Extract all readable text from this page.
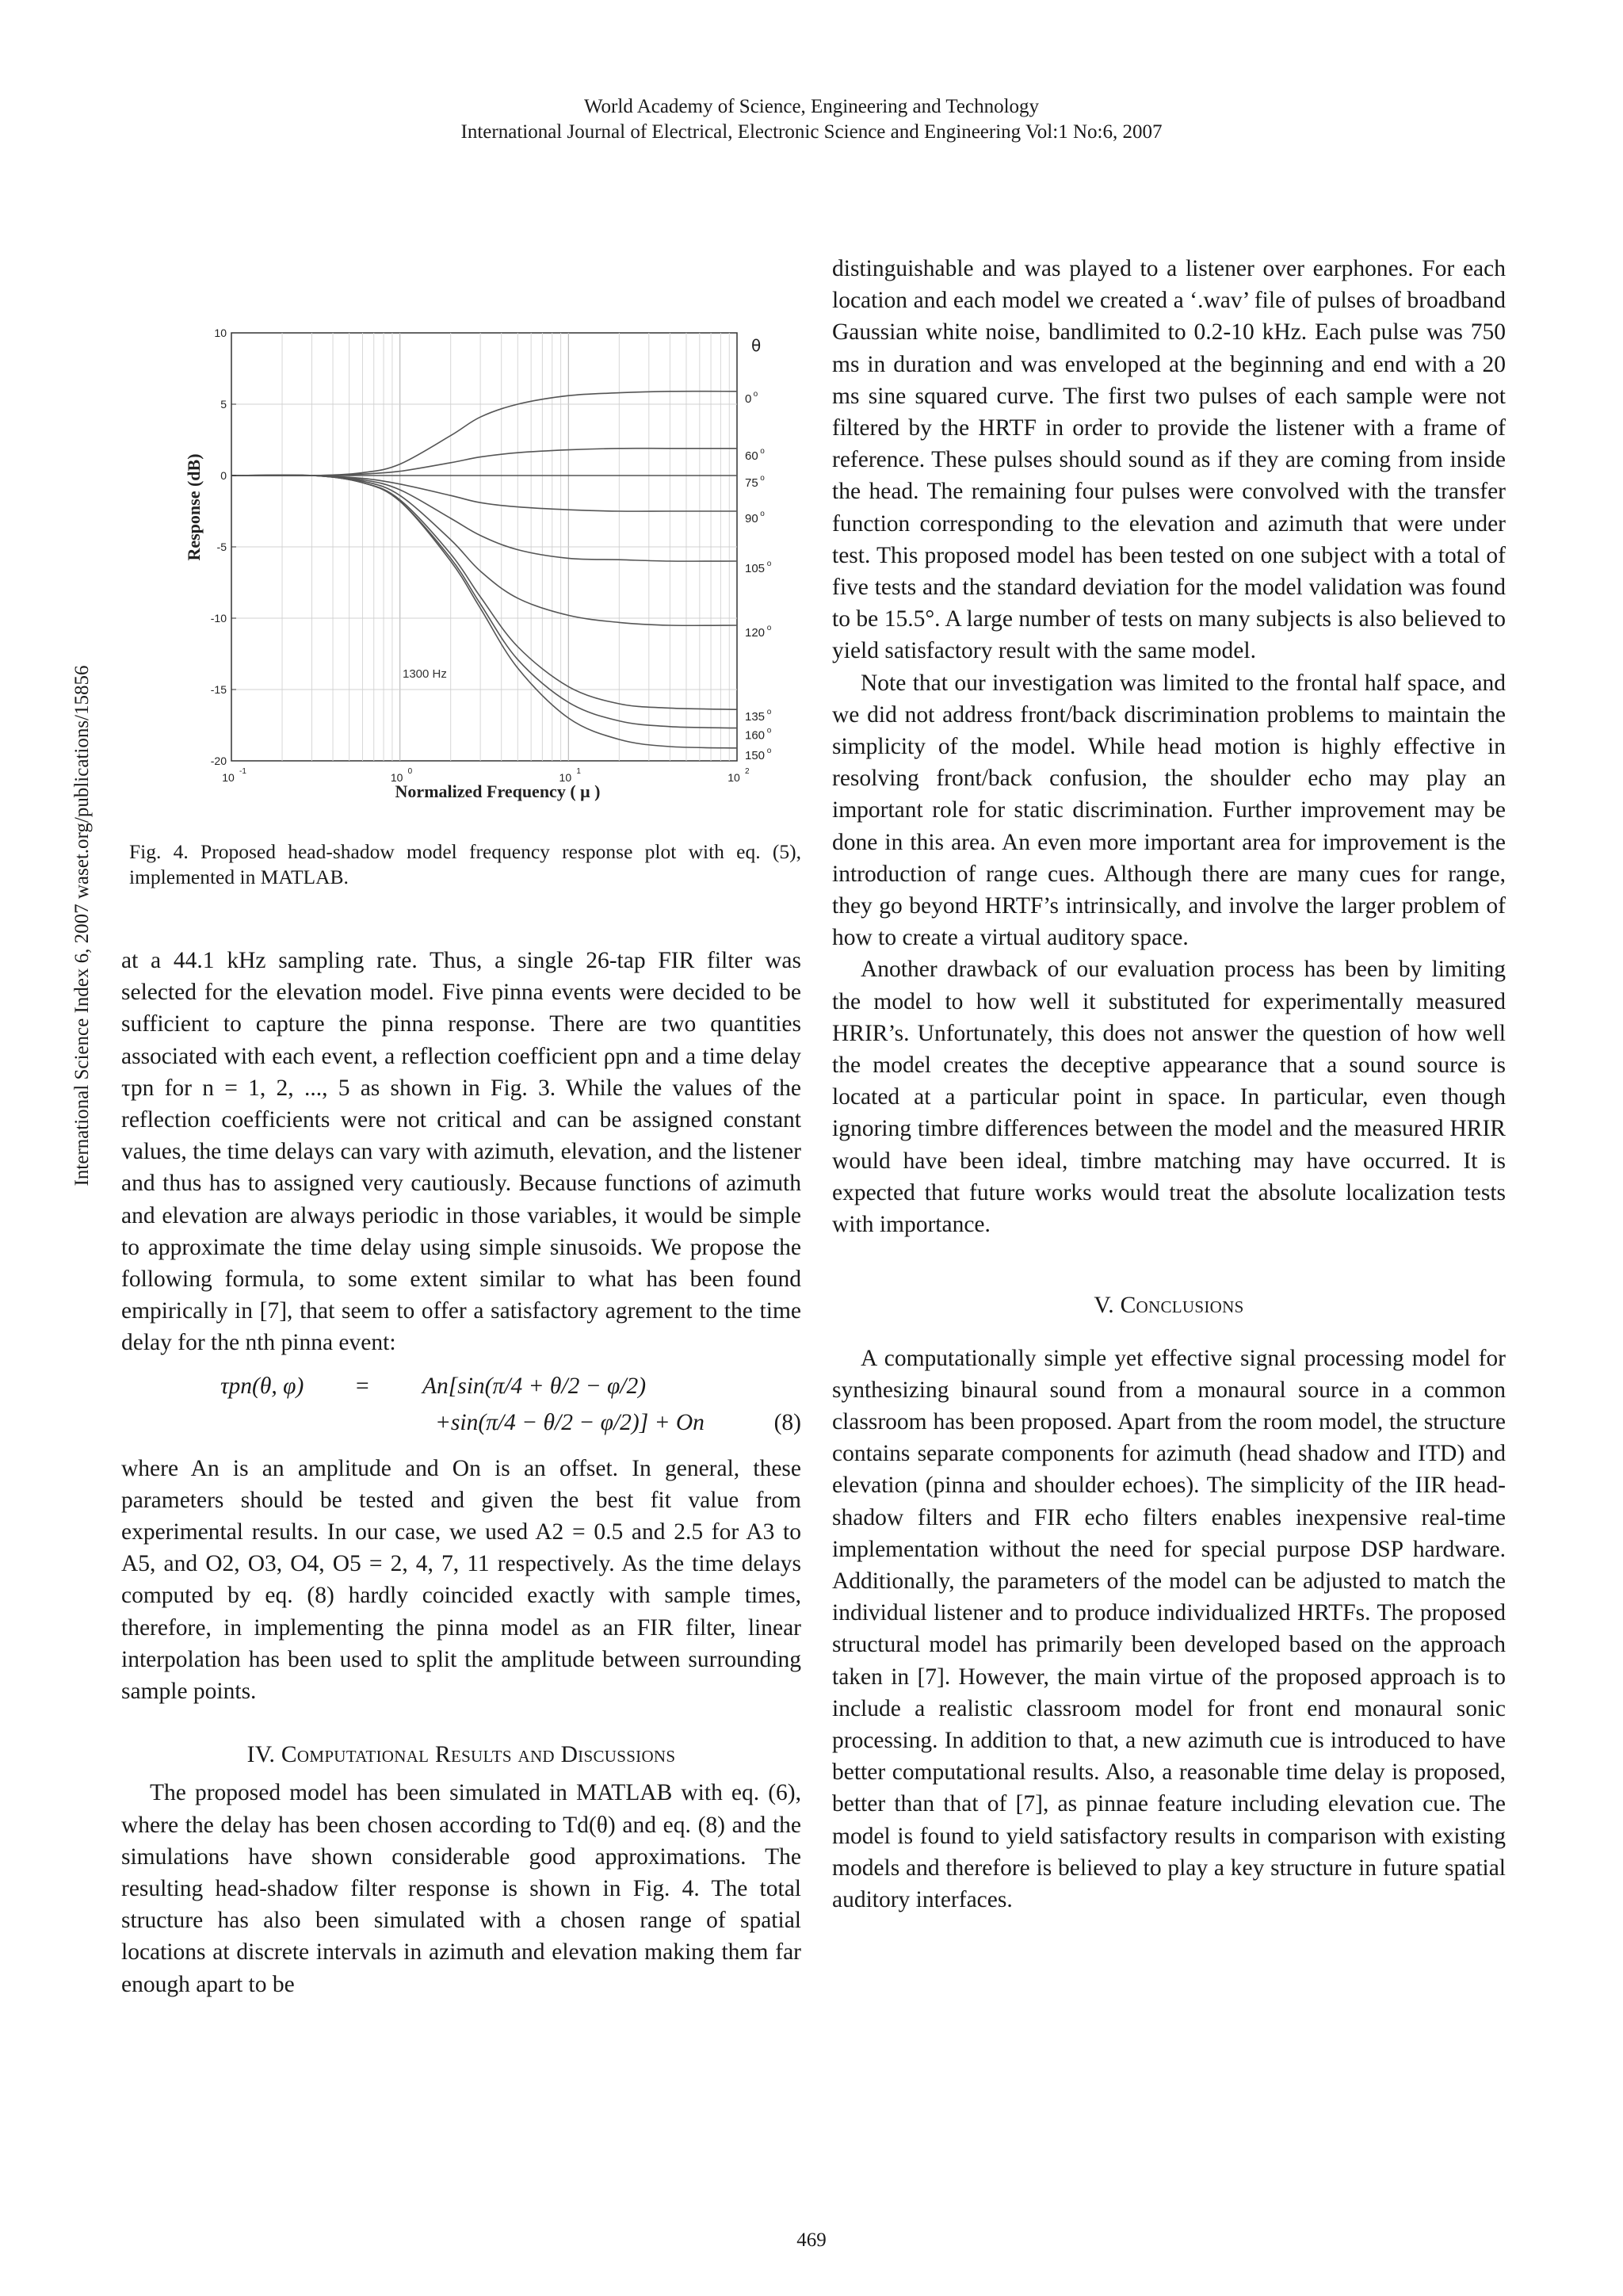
World Academy of Science, Engineering and Technology
International Journal of Electrical, Electronic Science and Engineering Vol:1 No:6, 2007
International Science Index 6, 2007 waset.org/publications/15856
10
5
0
-5
-10
-15
-20
10 -1	10 0	10 1	10 2
0 o
60 o
75 o
90 o
105 o
120 o
135 o
160 o
150 o
Response (dB)
Normalized Frequency ( μ )
1300 Hz
θ
Fig. 4. Proposed head-shadow model frequency response plot with eq. (5), implemented in MATLAB.

at a 44.1 kHz sampling rate. Thus, a single 26-tap FIR filter was selected for the elevation model. Five pinna events were decided to be sufficient to capture the pinna response. There are two quantities associated with each event, a reflection coefficient ρpn and a time delay τpn for n = 1, 2, ..., 5 as shown in Fig. 3. While the values of the reflection coefficients were not critical and can be assigned constant values, the time delays can vary with azimuth, elevation, and the listener and thus has to assigned very cautiously. Because functions of azimuth and elevation are always periodic in those variables, it would be simple to approximate the time delay using simple sinusoids. We propose the following formula, to some extent similar to what has been found empirically in [7], that seem to offer a satisfactory agrement to the time delay for the nth pinna event:

τpn(θ, φ) = An[sin(π/4 + θ/2 − φ/2)
+sin(π/4 − θ/2 − φ/2)] + On	(8)

where An is an amplitude and On is an offset. In general, these parameters should be tested and given the best fit value from experimental results. In our case, we used A2 = 0.5 and 2.5 for A3 to A5, and O2, O3, O4, O5 = 2, 4, 7, 11 respectively. As the time delays computed by eq. (8) hardly coincided exactly with sample times, therefore, in implementing the pinna model as an FIR filter, linear interpolation has been used to split the amplitude between surrounding sample points.

IV. Computational Results and Discussions

The proposed model has been simulated in MATLAB with eq. (6), where the delay has been chosen according to Td(θ) and eq. (8) and the simulations have shown considerable good approximations. The resulting head-shadow filter response is shown in Fig. 4. The total structure has also been simulated with a chosen range of spatial locations at discrete intervals in azimuth and elevation making them far enough apart to be

distinguishable and was played to a listener over earphones. For each location and each model we created a ‘.wav’ file of pulses of broadband Gaussian white noise, bandlimited to 0.2-10 kHz. Each pulse was 750 ms in duration and was enveloped at the beginning and end with a 20 ms sine squared curve. The first two pulses of each sample were not filtered by the HRTF in order to provide the listener with a frame of reference. These pulses should sound as if they are coming from inside the head. The remaining four pulses were convolved with the transfer function corresponding to the elevation and azimuth that were under test. This proposed model has been tested on one subject with a total of five tests and the standard deviation for the model validation was found to be 15.5°. A large number of tests on many subjects is also believed to yield satisfactory result with the same model.

Note that our investigation was limited to the frontal half space, and we did not address front/back discrimination problems to maintain the simplicity of the model. While head motion is highly effective in resolving front/back confusion, the shoulder echo may play an important role for static discrimination. Further improvement may be done in this area. An even more important area for improvement is the introduction of range cues. Although there are many cues for range, they go beyond HRTF’s intrinsically, and involve the larger problem of how to create a virtual auditory space.

Another drawback of our evaluation process has been by limiting the model to how well it substituted for experimentally measured HRIR’s. Unfortunately, this does not answer the question of how well the model creates the deceptive appearance that a sound source is located at a particular point in space. In particular, even though ignoring timbre differences between the model and the measured HRIR would have been ideal, timbre matching may have occurred. It is expected that future works would treat the absolute localization tests with importance.

V. Conclusions

A computationally simple yet effective signal processing model for synthesizing binaural sound from a monaural source in a common classroom has been proposed. Apart from the room model, the structure contains separate components for azimuth (head shadow and ITD) and elevation (pinna and shoulder echoes). The simplicity of the IIR head-shadow filters and FIR echo filters enables inexpensive real-time implementation without the need for special purpose DSP hardware. Additionally, the parameters of the model can be adjusted to match the individual listener and to produce individualized HRTFs. The proposed structural model has primarily been developed based on the approach taken in [7]. However, the main virtue of the proposed approach is to include a realistic classroom model for front end monaural sonic processing. In addition to that, a new azimuth cue is introduced to have better computational results. Also, a reasonable time delay is proposed, better than that of [7], as pinnae feature including elevation cue. The model is found to yield satisfactory results in comparison with existing models and therefore is believed to play a key structure in future spatial auditory interfaces.

469
